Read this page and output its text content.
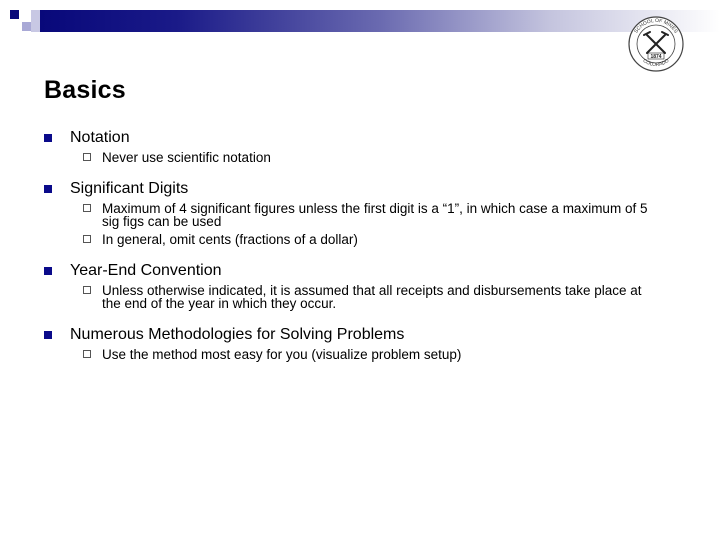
SCHOOL OF MINES
COLORADO
1874
Basics
Notation
Never use scientific notation
Significant Digits
Maximum of 4 significant figures unless the first digit is a “1”, in which case a maximum of 5 sig figs can be used
In general, omit cents (fractions of a dollar)
Year-End Convention
Unless otherwise indicated, it is assumed that all receipts and disbursements take place at the end of the year in which they occur.
Numerous Methodologies for Solving Problems
Use the method most easy for you (visualize problem setup)
